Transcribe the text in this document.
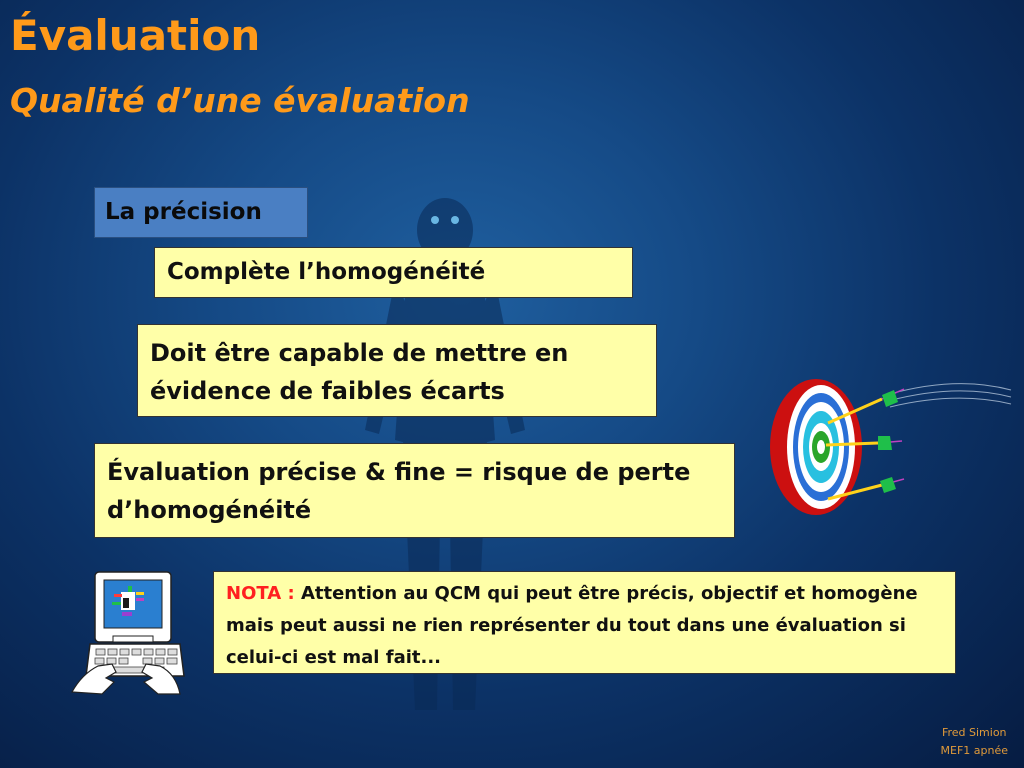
Évaluation
Qualité d’une évaluation
La précision
Complète l’homogénéité
Doit être capable de mettre en évidence de faibles écarts
Évaluation précise & fine = risque de perte d’homogénéité
NOTA : Attention au QCM qui peut être précis, objectif et homogène mais peut aussi ne rien représenter du tout dans une évaluation si celui-ci est mal fait...
Fred Simion
MEF1 apnée
